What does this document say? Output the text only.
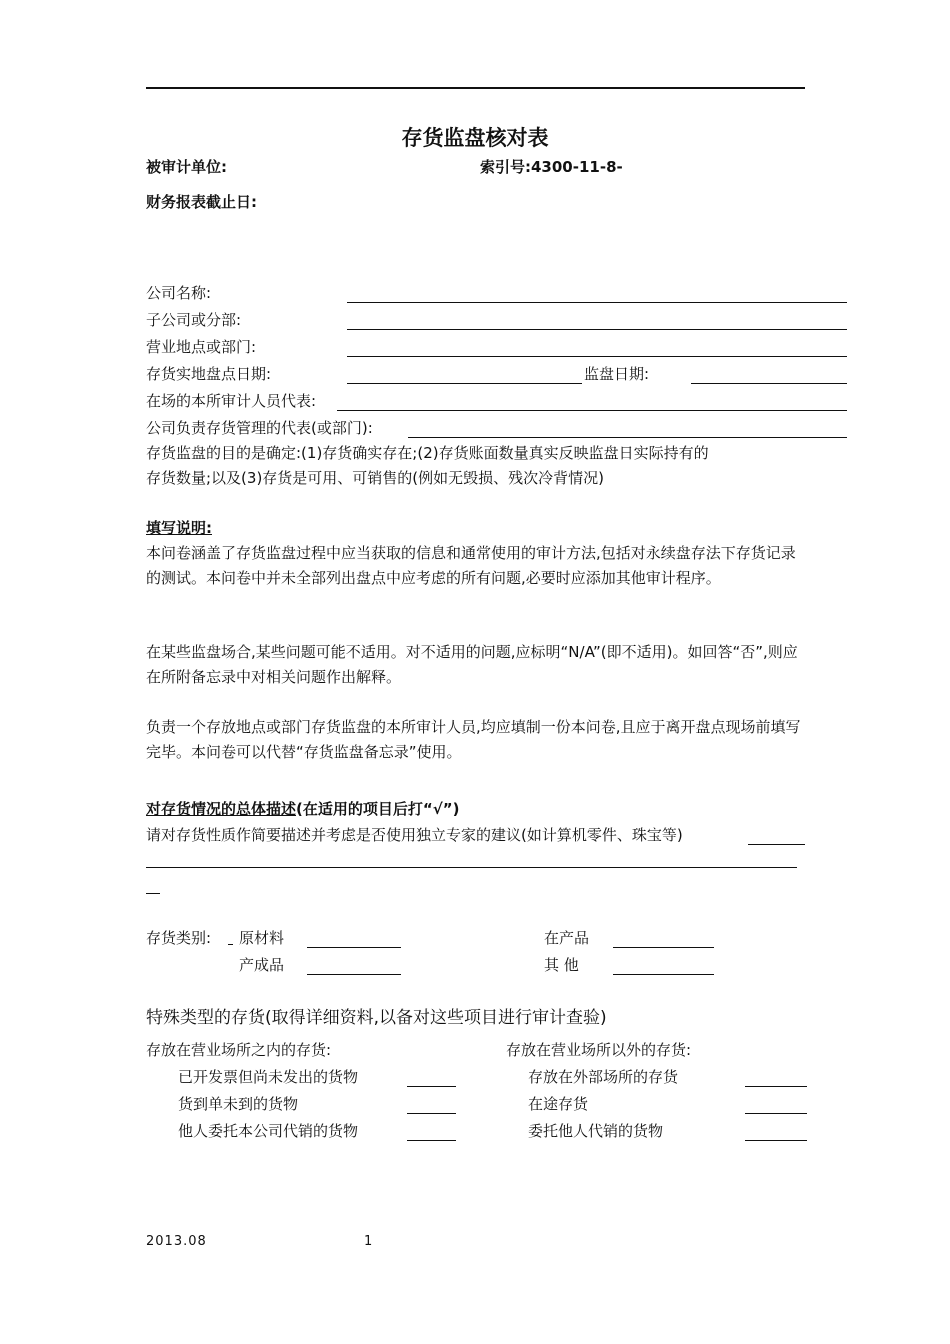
存货监盘核对表
被审计单位:	索引号:4300-11-8-
财务报表截止日:
公司名称:
子公司或分部:
营业地点或部门:
存货实地盘点日期:	监盘日期:
在场的本所审计人员代表:
公司负责存货管理的代表(或部门):
存货监盘的目的是确定:(1)存货确实存在;(2)存货账面数量真实反映监盘日实际持有的
存货数量;以及(3)存货是可用、可销售的(例如无毁损、残次冷背情况)
填写说明:
本问卷涵盖了存货监盘过程中应当获取的信息和通常使用的审计方法,包括对永续盘存法下存货记录的测试。本问卷中并未全部列出盘点中应考虑的所有问题,必要时应添加其他审计程序。
在某些监盘场合,某些问题可能不适用。对不适用的问题,应标明“N/A”(即不适用)。如回答“否”,则应在所附备忘录中对相关问题作出解释。
负责一个存放地点或部门存货监盘的本所审计人员,均应填制一份本问卷,且应于离开盘点现场前填写完毕。本问卷可以代替“存货监盘备忘录”使用。
对存货情况的总体描述(在适用的项目后打“√”)
请对存货性质作简要描述并考虑是否使用独立专家的建议(如计算机零件、珠宝等)
存货类别: 原材料	在产品
产成品	其 他
特殊类型的存货(取得详细资料,以备对这些项目进行审计查验)
存放在营业场所之内的存货:	存放在营业场所以外的存货:
已开发票但尚未发出的货物	存放在外部场所的存货
货到单未到的货物	在途存货
他人委托本公司代销的货物	委托他人代销的货物
2013.08	1
